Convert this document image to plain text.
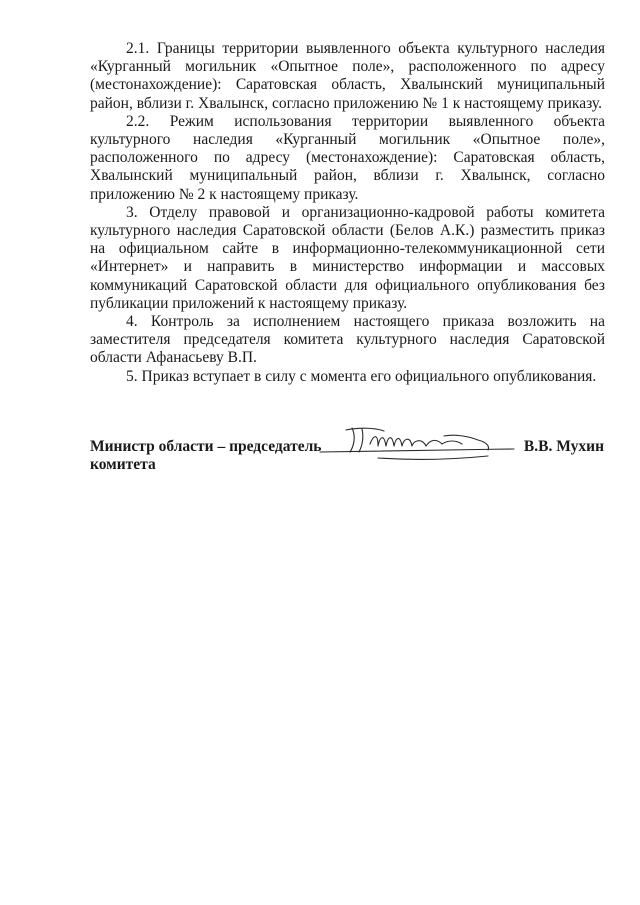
2.1. Границы территории выявленного объекта культурного наследия «Курганный могильник «Опытное поле», расположенного по адресу (местонахождение): Саратовская область, Хвалынский муниципальный район, вблизи г. Хвалынск, согласно приложению № 1 к настоящему приказу.

2.2. Режим использования территории выявленного объекта культурного наследия «Курганный могильник «Опытное поле», расположенного по адресу (местонахождение): Саратовская область, Хвалынский муниципальный район, вблизи г. Хвалынск, согласно приложению № 2 к настоящему приказу.

3. Отделу правовой и организационно-кадровой работы комитета культурного наследия Саратовской области (Белов А.К.) разместить приказ на официальном сайте в информационно-телекоммуникационной сети «Интернет» и направить в министерство информации и массовых коммуникаций Саратовской области для официального опубликования без публикации приложений к настоящему приказу.

4. Контроль за исполнением настоящего приказа возложить на заместителя председателя комитета культурного наследия Саратовской области Афанасьеву В.П.

5. Приказ вступает в силу с момента его официального опубликования.

Министр области – председатель комитета
В.В. Мухин
